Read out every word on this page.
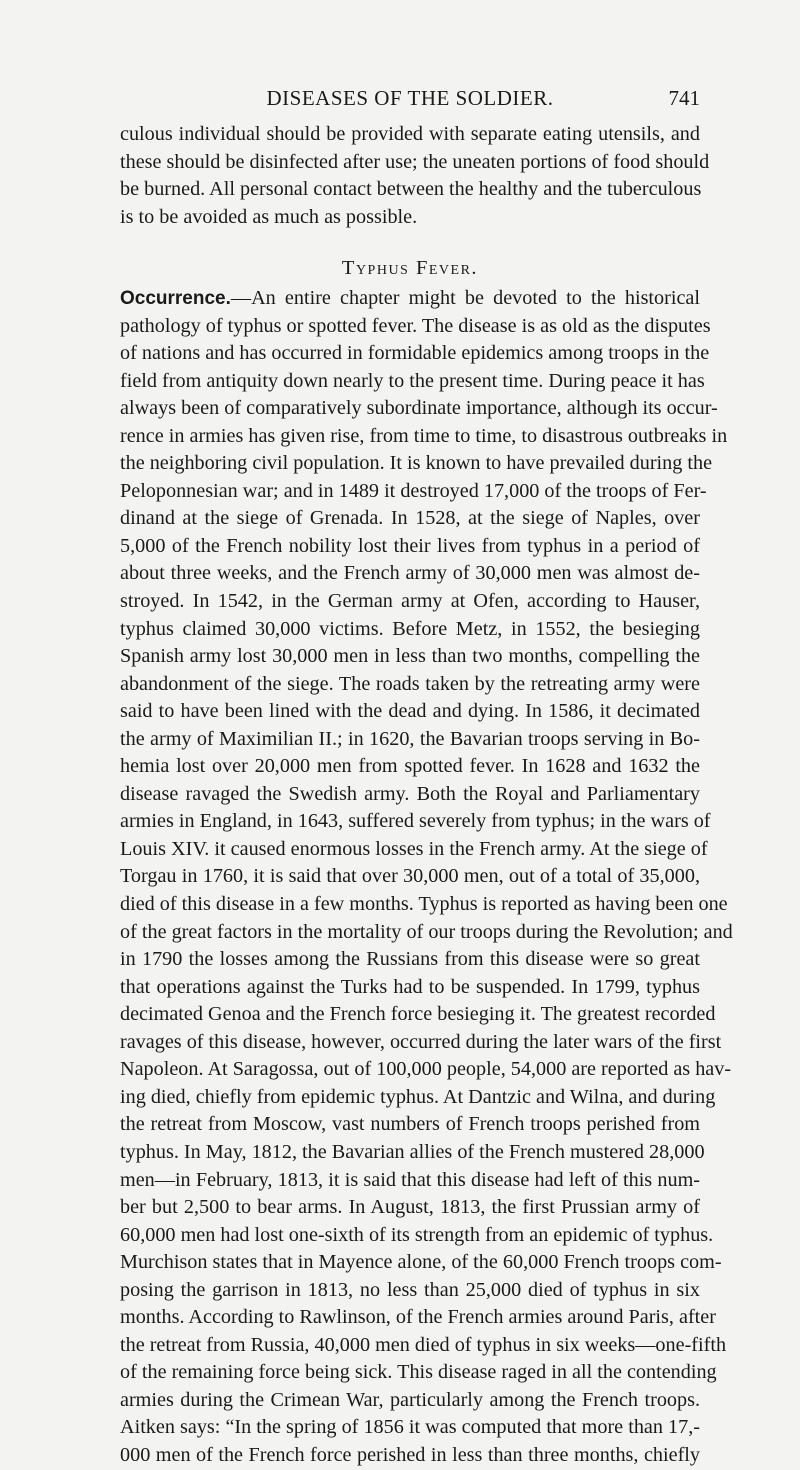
DISEASES OF THE SOLDIER.	741
culous individual should be provided with separate eating utensils, and
these should be disinfected after use; the uneaten portions of food should
be burned. All personal contact between the healthy and the tuberculous
is to be avoided as much as possible.
Typhus Fever.
Occurrence.—An entire chapter might be devoted to the historical
pathology of typhus or spotted fever. The disease is as old as the disputes
of nations and has occurred in formidable epidemics among troops in the
field from antiquity down nearly to the present time. During peace it has
always been of comparatively subordinate importance, although its occur-
rence in armies has given rise, from time to time, to disastrous outbreaks in
the neighboring civil population. It is known to have prevailed during the
Peloponnesian war; and in 1489 it destroyed 17,000 of the troops of Fer-
dinand at the siege of Grenada. In 1528, at the siege of Naples, over
5,000 of the French nobility lost their lives from typhus in a period of
about three weeks, and the French army of 30,000 men was almost de-
stroyed. In 1542, in the German army at Ofen, according to Hauser,
typhus claimed 30,000 victims. Before Metz, in 1552, the besieging
Spanish army lost 30,000 men in less than two months, compelling the
abandonment of the siege. The roads taken by the retreating army were
said to have been lined with the dead and dying. In 1586, it decimated
the army of Maximilian II.; in 1620, the Bavarian troops serving in Bo-
hemia lost over 20,000 men from spotted fever. In 1628 and 1632 the
disease ravaged the Swedish army. Both the Royal and Parliamentary
armies in England, in 1643, suffered severely from typhus; in the wars of
Louis XIV. it caused enormous losses in the French army. At the siege of
Torgau in 1760, it is said that over 30,000 men, out of a total of 35,000,
died of this disease in a few months. Typhus is reported as having been one
of the great factors in the mortality of our troops during the Revolution; and
in 1790 the losses among the Russians from this disease were so great
that operations against the Turks had to be suspended. In 1799, typhus
decimated Genoa and the French force besieging it. The greatest recorded
ravages of this disease, however, occurred during the later wars of the first
Napoleon. At Saragossa, out of 100,000 people, 54,000 are reported as hav-
ing died, chiefly from epidemic typhus. At Dantzic and Wilna, and during
the retreat from Moscow, vast numbers of French troops perished from
typhus. In May, 1812, the Bavarian allies of the French mustered 28,000
men—in February, 1813, it is said that this disease had left of this num-
ber but 2,500 to bear arms. In August, 1813, the first Prussian army of
60,000 men had lost one-sixth of its strength from an epidemic of typhus.
Murchison states that in Mayence alone, of the 60,000 French troops com-
posing the garrison in 1813, no less than 25,000 died of typhus in six
months. According to Rawlinson, of the French armies around Paris, after
the retreat from Russia, 40,000 men died of typhus in six weeks—one-fifth
of the remaining force being sick. This disease raged in all the contending
armies during the Crimean War, particularly among the French troops.
Aitken says: “In the spring of 1856 it was computed that more than 17,-
000 men of the French force perished in less than three months, chiefly
